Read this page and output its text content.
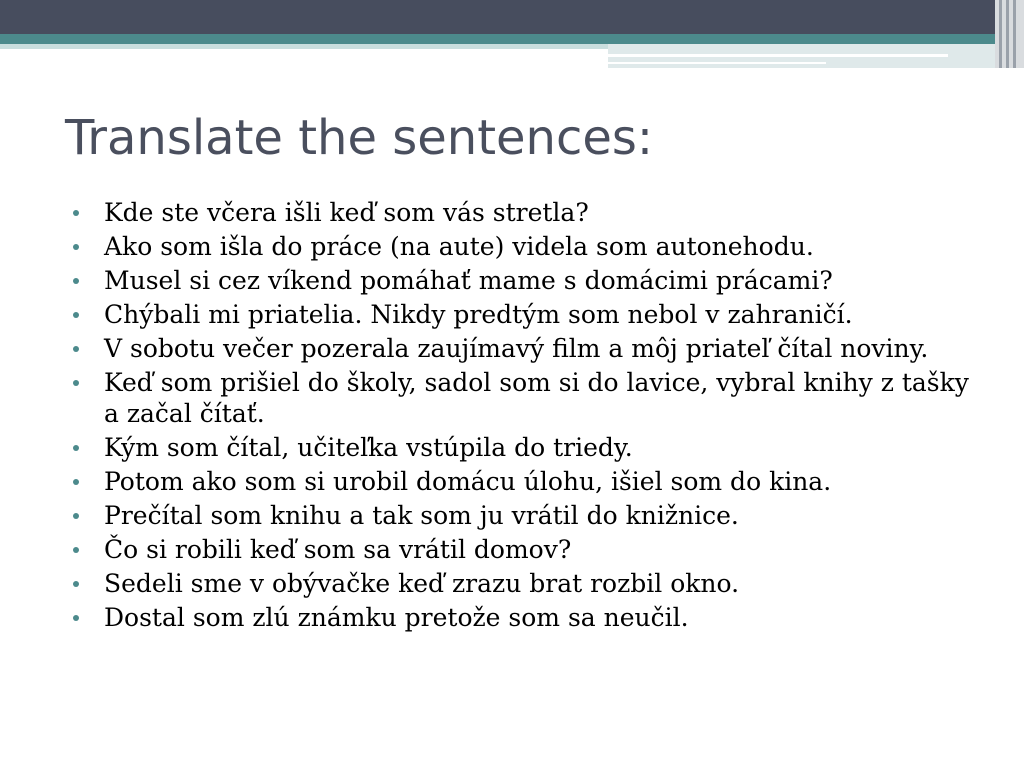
Translate the sentences:
Kde ste včera išli keď som vás stretla?
Ako som išla do práce (na aute) videla som autonehodu.
Musel si cez víkend pomáhať mame s domácimi prácami?
Chýbali mi priatelia. Nikdy predtým som nebol v zahraničí.
V sobotu večer pozerala zaujímavý film a môj priateľ čítal noviny.
Keď som prišiel do školy, sadol som si do lavice, vybral knihy z tašky a začal čítať.
Kým som čítal, učiteľka vstúpila do triedy.
Potom ako som si urobil domácu úlohu, išiel som do kina.
Prečítal som knihu a tak som ju vrátil do knižnice.
Čo si robili keď som sa vrátil domov?
Sedeli sme v obývačke keď zrazu brat rozbil okno.
Dostal som zlú známku pretože som sa neučil.
